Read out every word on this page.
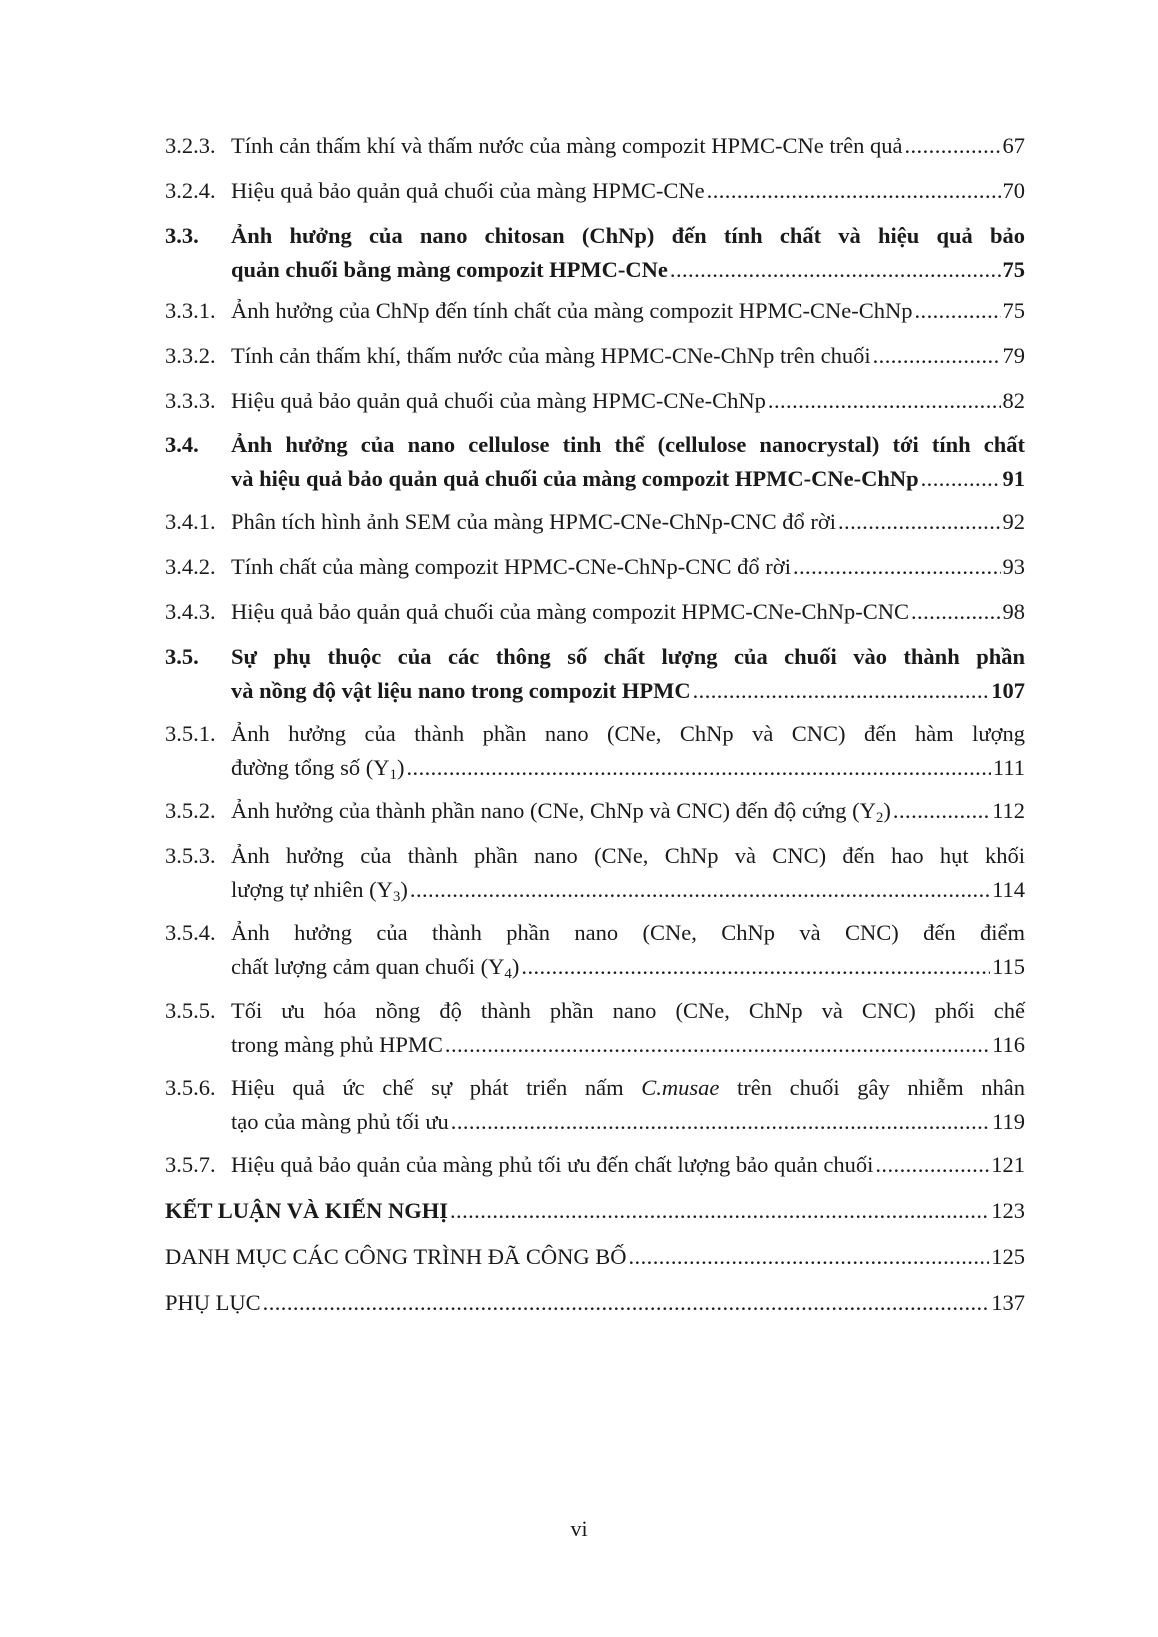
3.2.3. Tính cản thấm khí và thấm nước của màng compozit HPMC-CNe trên quả . . .	67
3.2.4. Hiệu quả bảo quản quả chuối của màng HPMC-CNe . . .	70
3.3.	Ảnh hưởng của nano chitosan (ChNp) đến tính chất và hiệu quả bảo
quản chuối bằng màng compozit HPMC-CNe . . .	75
3.3.1. Ảnh hưởng của ChNp đến tính chất của màng compozit HPMC-CNe-ChNp . . .	75
3.3.2. Tính cản thấm khí, thấm nước của màng HPMC-CNe-ChNp trên chuối . . .	79
3.3.3. Hiệu quả bảo quản quả chuối của màng HPMC-CNe-ChNp . . .	82
3.4.	Ảnh hưởng của nano cellulose tinh thể (cellulose nanocrystal) tới tính chất
và hiệu quả bảo quản quả chuối của màng compozit HPMC-CNe-ChNp . . .	91
3.4.1. Phân tích hình ảnh SEM của màng HPMC-CNe-ChNp-CNC đổ rời . . .	92
3.4.2. Tính chất của màng compozit HPMC-CNe-ChNp-CNC đổ rời . . .	93
3.4.3. Hiệu quả bảo quản quả chuối của màng compozit HPMC-CNe-ChNp-CNC . . .	98
3.5.	Sự phụ thuộc của các thông số chất lượng của chuối vào thành phần
và nồng độ vật liệu nano trong compozit HPMC . . .	107
3.5.1. Ảnh hưởng của thành phần nano (CNe, ChNp và CNC) đến hàm lượng
đường tổng số $(Y_1)$ . . .	111
3.5.2. Ảnh hưởng của thành phần nano (CNe, ChNp và CNC) đến độ cứng $(Y_2)$ . . .	112
3.5.3. Ảnh hưởng của thành phần nano (CNe, ChNp và CNC) đến hao hụt khối
lượng tự nhiên $(Y_3)$ . . .	114
3.5.4. Ảnh hưởng của thành phần nano (CNe, ChNp và CNC) đến điểm
chất lượng cảm quan chuối $(Y_4)$ . . .	115
3.5.5. Tối ưu hóa nồng độ thành phần nano (CNe, ChNp và CNC) phối chế
trong màng phủ HPMC . . .	116
3.5.6. Hiệu quả ức chế sự phát triển nấm C.musae trên chuối gây nhiễm nhân
tạo của màng phủ tối ưu . . .	119
3.5.7. Hiệu quả bảo quản của màng phủ tối ưu đến chất lượng bảo quản chuối . . .	121
KẾT LUẬN VÀ KIẾN NGHỊ . . .	123
DANH MỤC CÁC CÔNG TRÌNH ĐÃ CÔNG BỐ . . .	125
PHỤ LỤC . . .	137
vi
